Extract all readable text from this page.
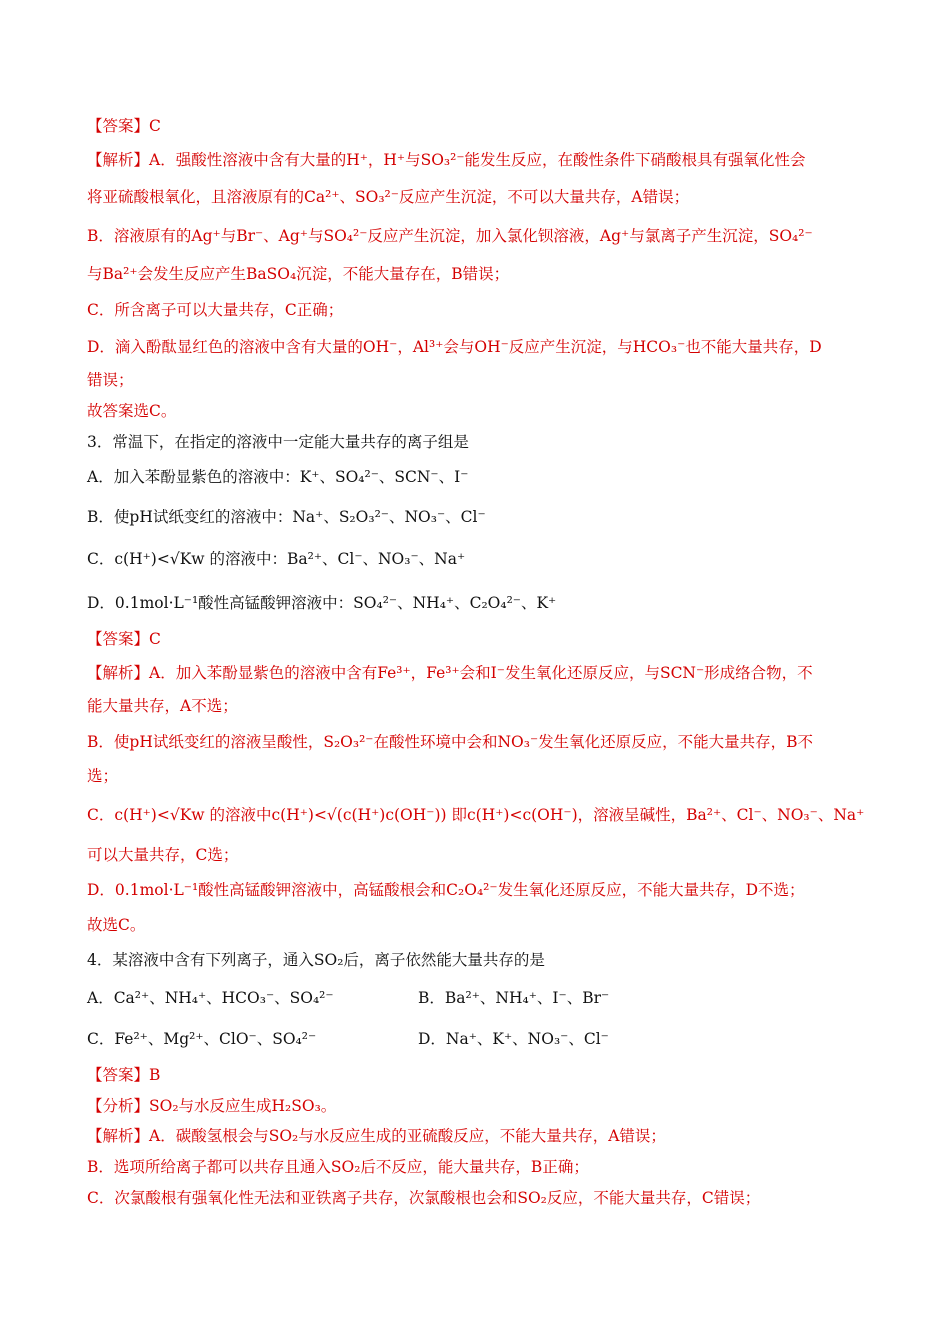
【答案】C
【解析】A．强酸性溶液中含有大量的H⁺，H⁺与SO₃²⁻能发生反应，在酸性条件下硝酸根具有强氧化性会
将亚硫酸根氧化，且溶液原有的Ca²⁺、SO₃²⁻反应产生沉淀，不可以大量共存，A错误；
B．溶液原有的Ag⁺与Br⁻、Ag⁺与SO₄²⁻反应产生沉淀，加入氯化钡溶液，Ag⁺与氯离子产生沉淀，SO₄²⁻
与Ba²⁺会发生反应产生BaSO₄沉淀，不能大量存在，B错误；
C．所含离子可以大量共存，C正确；
D．滴入酚酞显红色的溶液中含有大量的OH⁻，Al³⁺会与OH⁻反应产生沉淀，与HCO₃⁻也不能大量共存，D
错误；
故答案选C。
3．常温下，在指定的溶液中一定能大量共存的离子组是
A．加入苯酚显紫色的溶液中：K⁺、SO₄²⁻、SCN⁻、I⁻
B．使pH试纸变红的溶液中：Na⁺、S₂O₃²⁻、NO₃⁻、Cl⁻
C．c(H⁺)<√Kw 的溶液中：Ba²⁺、Cl⁻、NO₃⁻、Na⁺
D．0.1mol·L⁻¹酸性高锰酸钾溶液中：SO₄²⁻、NH₄⁺、C₂O₄²⁻、K⁺
【答案】C
【解析】A．加入苯酚显紫色的溶液中含有Fe³⁺，Fe³⁺会和I⁻发生氧化还原反应，与SCN⁻形成络合物，不
能大量共存，A不选；
B．使pH试纸变红的溶液呈酸性，S₂O₃²⁻在酸性环境中会和NO₃⁻发生氧化还原反应，不能大量共存，B不
选；
C．c(H⁺)<√Kw 的溶液中c(H⁺)<√(c(H⁺)c(OH⁻)) 即c(H⁺)<c(OH⁻)，溶液呈碱性，Ba²⁺、Cl⁻、NO₃⁻、Na⁺
可以大量共存，C选；
D．0.1mol·L⁻¹酸性高锰酸钾溶液中，高锰酸根会和C₂O₄²⁻发生氧化还原反应，不能大量共存，D不选；
故选C。
4．某溶液中含有下列离子，通入SO₂后，离子依然能大量共存的是
A．Ca²⁺、NH₄⁺、HCO₃⁻、SO₄²⁻	B．Ba²⁺、NH₄⁺、I⁻、Br⁻
C．Fe²⁺、Mg²⁺、ClO⁻、SO₄²⁻	D．Na⁺、K⁺、NO₃⁻、Cl⁻
【答案】B
【分析】SO₂与水反应生成H₂SO₃。
【解析】A．碳酸氢根会与SO₂与水反应生成的亚硫酸反应，不能大量共存，A错误；
B．选项所给离子都可以共存且通入SO₂后不反应，能大量共存，B正确；
C．次氯酸根有强氧化性无法和亚铁离子共存，次氯酸根也会和SO₂反应，不能大量共存，C错误；
